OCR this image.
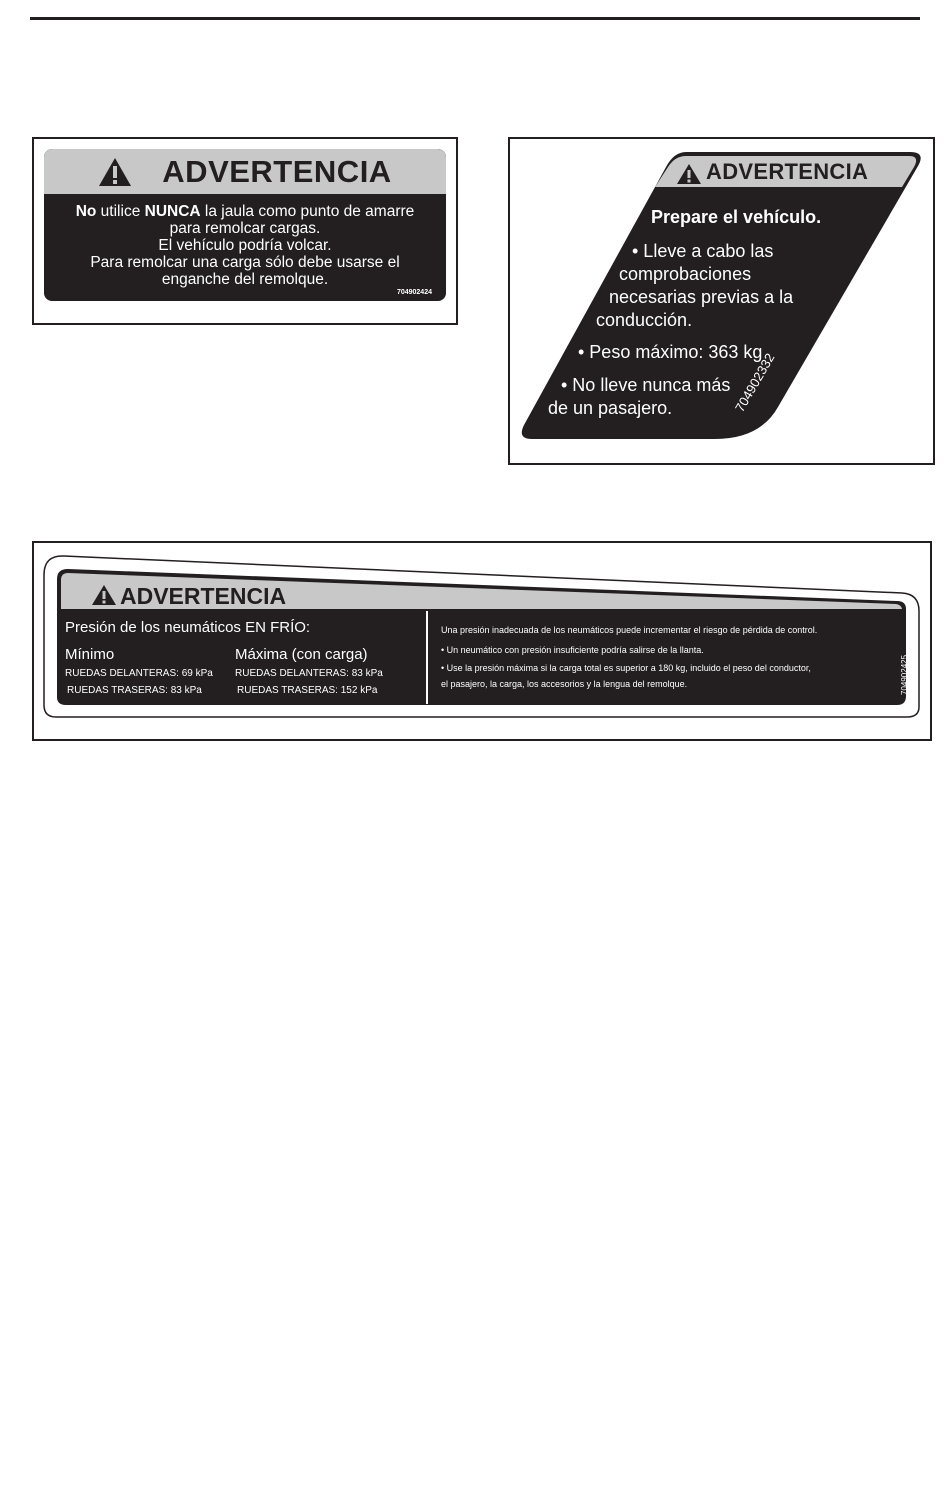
ADVERTENCIA

No utilice NUNCA la jaula como punto de amarre

para remolcar cargas.

El vehículo podría volcar.

Para remolcar una carga sólo debe usarse el

enganche del remolque.

704902424
ADVERTENCIA
Prepare el vehículo.
• Lleve a cabo las
comprobaciones
necesarias previas a la
conducción.
• Peso máximo: 363 kg
• No lleve nunca más
de un pasajero.	704902332
ADVERTENCIA
Presión de los neumáticos EN FRÍO:
Mínimo
RUEDAS DELANTERAS: 69 kPa
RUEDAS TRASERAS: 83 kPa
Máxima (con carga)
RUEDAS DELANTERAS: 83 kPa
RUEDAS TRASERAS: 152 kPa
Una presión inadecuada de los neumáticos puede incrementar el riesgo de pérdida de control.
• Un neumático con presión insuficiente podría salirse de la llanta.
• Use la presión máxima si la carga total es superior a 180 kg, incluido el peso del conductor,
el pasajero, la carga, los accesorios y la lengua del remolque.	704902425
